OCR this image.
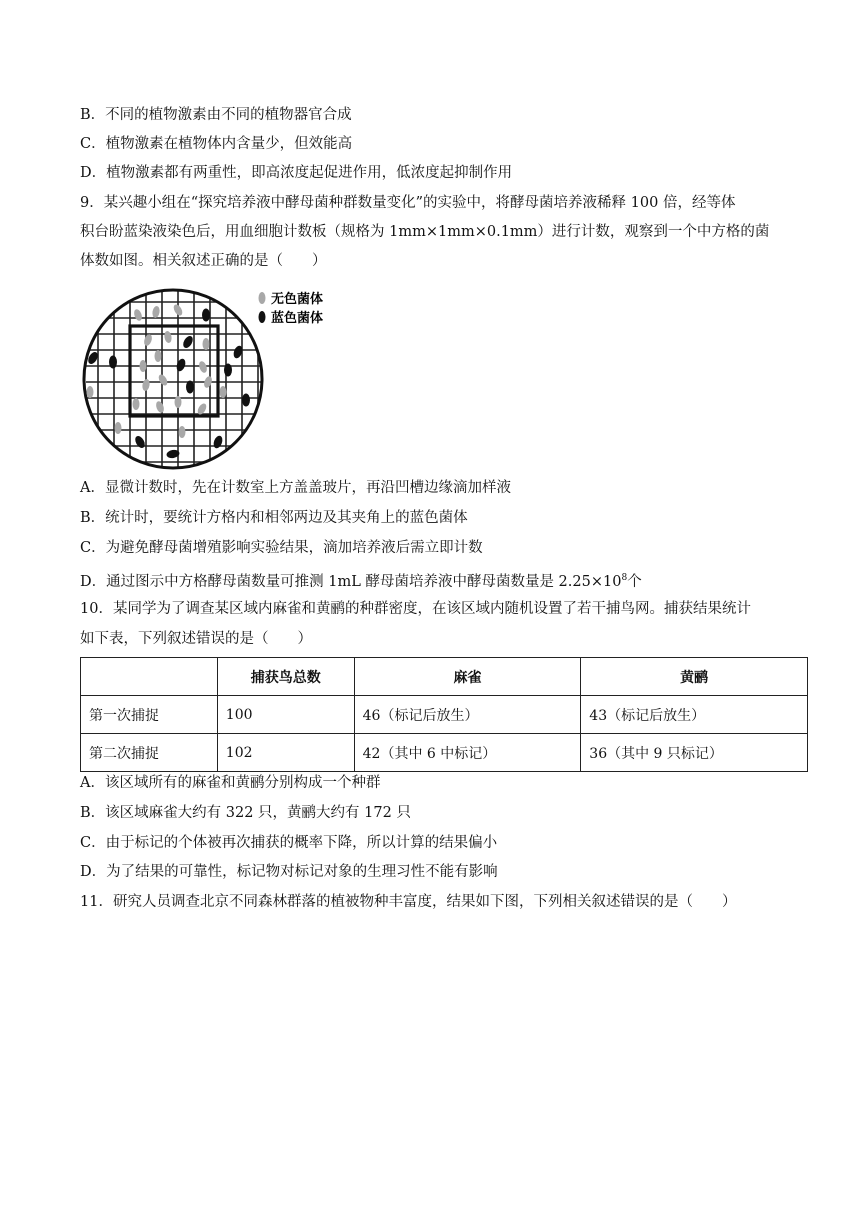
B．不同的植物激素由不同的植物器官合成
C．植物激素在植物体内含量少，但效能高
D．植物激素都有两重性，即高浓度起促进作用，低浓度起抑制作用
9．某兴趣小组在“探究培养液中酵母菌种群数量变化”的实验中，将酵母菌培养液稀释 100 倍，经等体
积台盼蓝染液染色后，用血细胞计数板（规格为 1mm×1mm×0.1mm）进行计数，观察到一个中方格的菌
体数如图。相关叙述正确的是（　　）
无色菌体
蓝色菌体
A．显微计数时，先在计数室上方盖盖玻片，再沿凹槽边缘滴加样液
B．统计时，要统计方格内和相邻两边及其夹角上的蓝色菌体
C．为避免酵母菌增殖影响实验结果，滴加培养液后需立即计数
D．通过图示中方格酵母菌数量可推测 1mL 酵母菌培养液中酵母菌数量是 $2.25\times 10^8$个
10．某同学为了调查某区域内麻雀和黄鹂的种群密度，在该区域内随机设置了若干捕鸟网。捕获结果统计
如下表，下列叙述错误的是（　　）
	捕获鸟总数	麻雀	黄鹂
第一次捕捉	100	46（标记后放生）	43（标记后放生）
第二次捕捉	102	42（其中 6 中标记）	36（其中 9 只标记）
A．该区域所有的麻雀和黄鹂分别构成一个种群
B．该区域麻雀大约有 322 只，黄鹂大约有 172 只
C．由于标记的个体被再次捕获的概率下降，所以计算的结果偏小
D．为了结果的可靠性，标记物对标记对象的生理习性不能有影响
11．研究人员调查北京不同森林群落的植被物种丰富度，结果如下图，下列相关叙述错误的是（　　）
